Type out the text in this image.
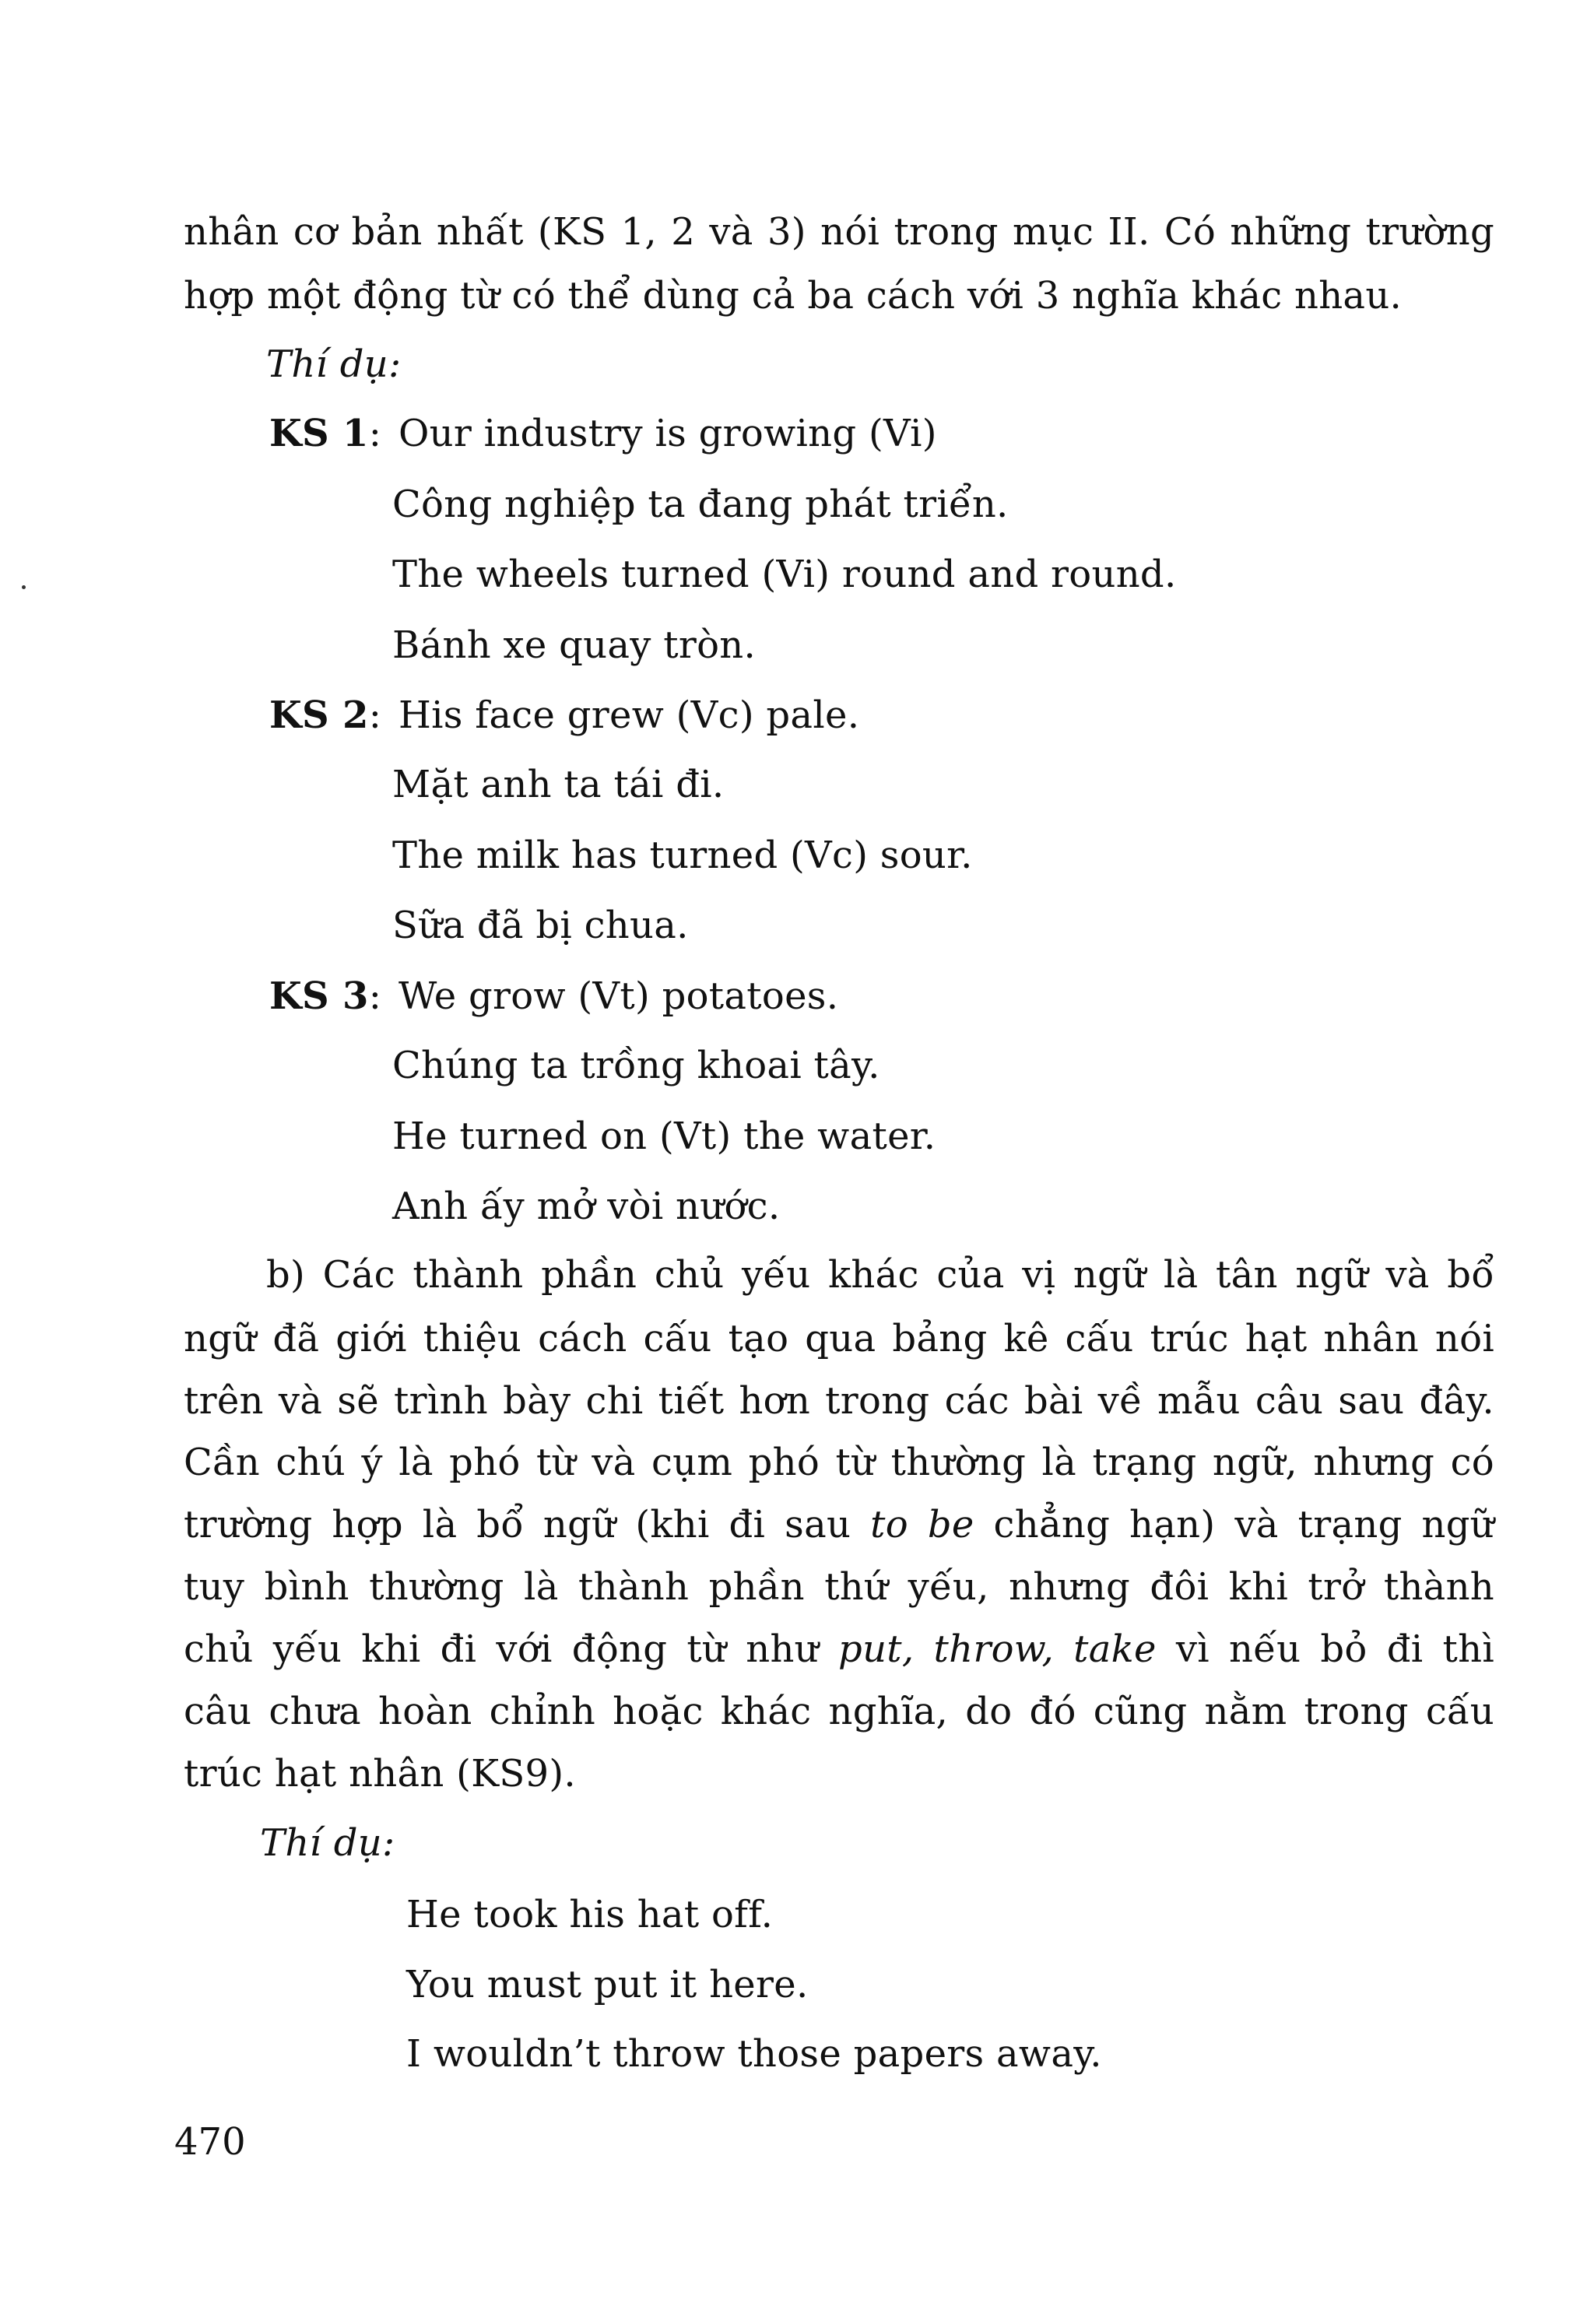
nhân cơ bản nhất (KS 1, 2 và 3) nói trong mục II. Có những trường
hợp một động từ có thể dùng cả ba cách với 3 nghĩa khác nhau.
Thí dụ:
KS 1: Our industry is growing (Vi)
Công nghiệp ta đang phát triển.
The wheels turned (Vi) round and round.
Bánh xe quay tròn.
KS 2: His face grew (Vc) pale.
Mặt anh ta tái đi.
The milk has turned (Vc) sour.
Sữa đã bị chua.
KS 3: We grow (Vt) potatoes.
Chúng ta trồng khoai tây.
He turned on (Vt) the water.
Anh ấy mở vòi nước.
b) Các thành phần chủ yếu khác của vị ngữ là tân ngữ và bổ
ngữ đã giới thiệu cách cấu tạo qua bảng kê cấu trúc hạt nhân nói
trên và sẽ trình bày chi tiết hơn trong các bài về mẫu câu sau đây.
Cần chú ý là phó từ và cụm phó từ thường là trạng ngữ, nhưng có
trường hợp là bổ ngữ (khi đi sau to be chẳng hạn) và trạng ngữ
tuy bình thường là thành phần thứ yếu, nhưng đôi khi trở thành
chủ yếu khi đi với động từ như put, throw, take vì nếu bỏ đi thì
câu chưa hoàn chỉnh hoặc khác nghĩa, do đó cũng nằm trong cấu
trúc hạt nhân (KS9).
Thí dụ:
He took his hat off.
You must put it here.
I wouldn’t throw those papers away.
470
